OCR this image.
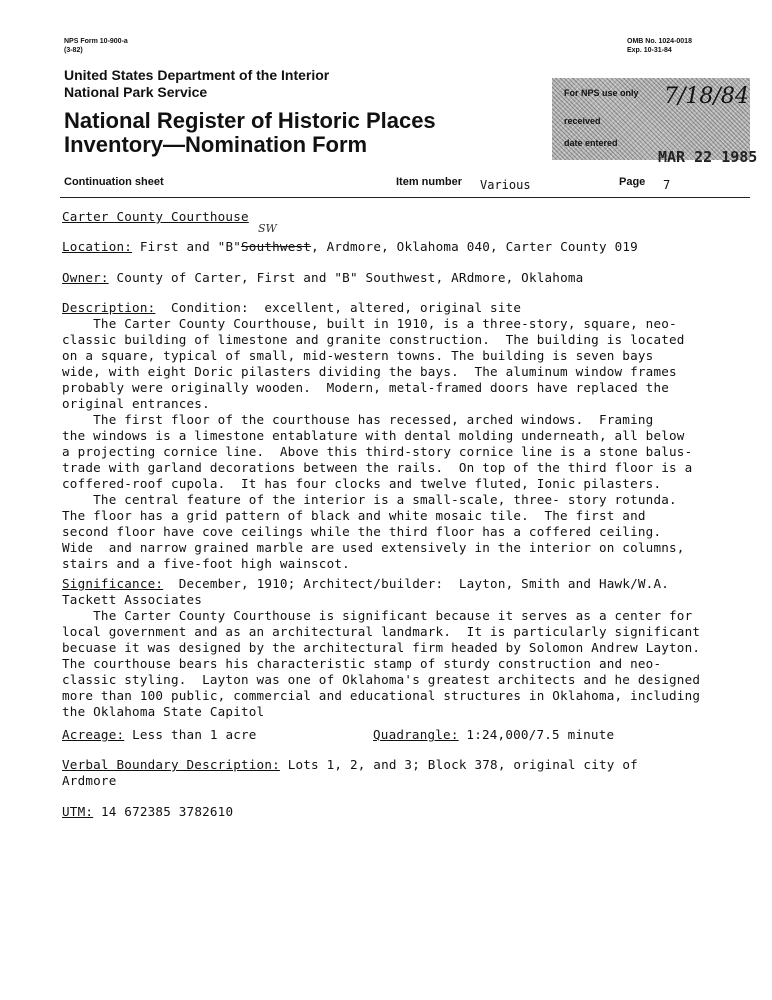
NPS Form 10-900-a
(3-82)
OMB No. 1024-0018
Exp. 10-31-84
United States Department of the Interior
National Park Service
National Register of Historic Places
Inventory—Nomination Form
For NPS use only
received
7/18/84
date entered
MAR 22 1985
Continuation sheet	Item number Various	Page 7
Carter County Courthouse
SW
Location: First and "B"Southwest, Ardmore, Oklahoma 040, Carter County 019
Owner: County of Carter, First and "B" Southwest, ARdmore, Oklahoma
Description: Condition:  excellent, altered, original site
The Carter County Courthouse, built in 1910, is a three-story, square, neo-
classic building of limestone and granite construction.  The building is located
on a square, typical of small, mid-western towns. The building is seven bays
wide, with eight Doric pilasters dividing the bays.  The aluminum window frames
probably were originally wooden.  Modern, metal-framed doors have replaced the
original entrances.
The first floor of the courthouse has recessed, arched windows.  Framing
the windows is a limestone entablature with dental molding underneath, all below
a projecting cornice line.  Above this third-story cornice line is a stone balus-
trade with garland decorations between the rails.  On top of the third floor is a
coffered-roof cupola.  It has four clocks and twelve fluted, Ionic pilasters.
The central feature of the interior is a small-scale, three- story rotunda.
The floor has a grid pattern of black and white mosaic tile.  The first and
second floor have cove ceilings while the third floor has a coffered ceiling.
Wide  and narrow grained marble are used extensively in the interior on columns,
stairs and a five-foot high wainscot.
Significance: December, 1910; Architect/builder:  Layton, Smith and Hawk/W.A.
Tackett Associates
The Carter County Courthouse is significant because it serves as a center for
local government and as an architectural landmark.  It is particularly significant
becuase it was designed by the architectural firm headed by Solomon Andrew Layton.
The courthouse bears his characteristic stamp of sturdy construction and neo-
classic styling.  Layton was one of Oklahoma's greatest architects and he designed
more than 100 public, commercial and educational structures in Oklahoma, including
the Oklahoma State Capitol
Acreage: Less than 1 acre	Quadrangle: 1:24,000/7.5 minute
Verbal Boundary Description: Lots 1, 2, and 3; Block 378, original city of
Ardmore
UTM: 14 672385 3782610
